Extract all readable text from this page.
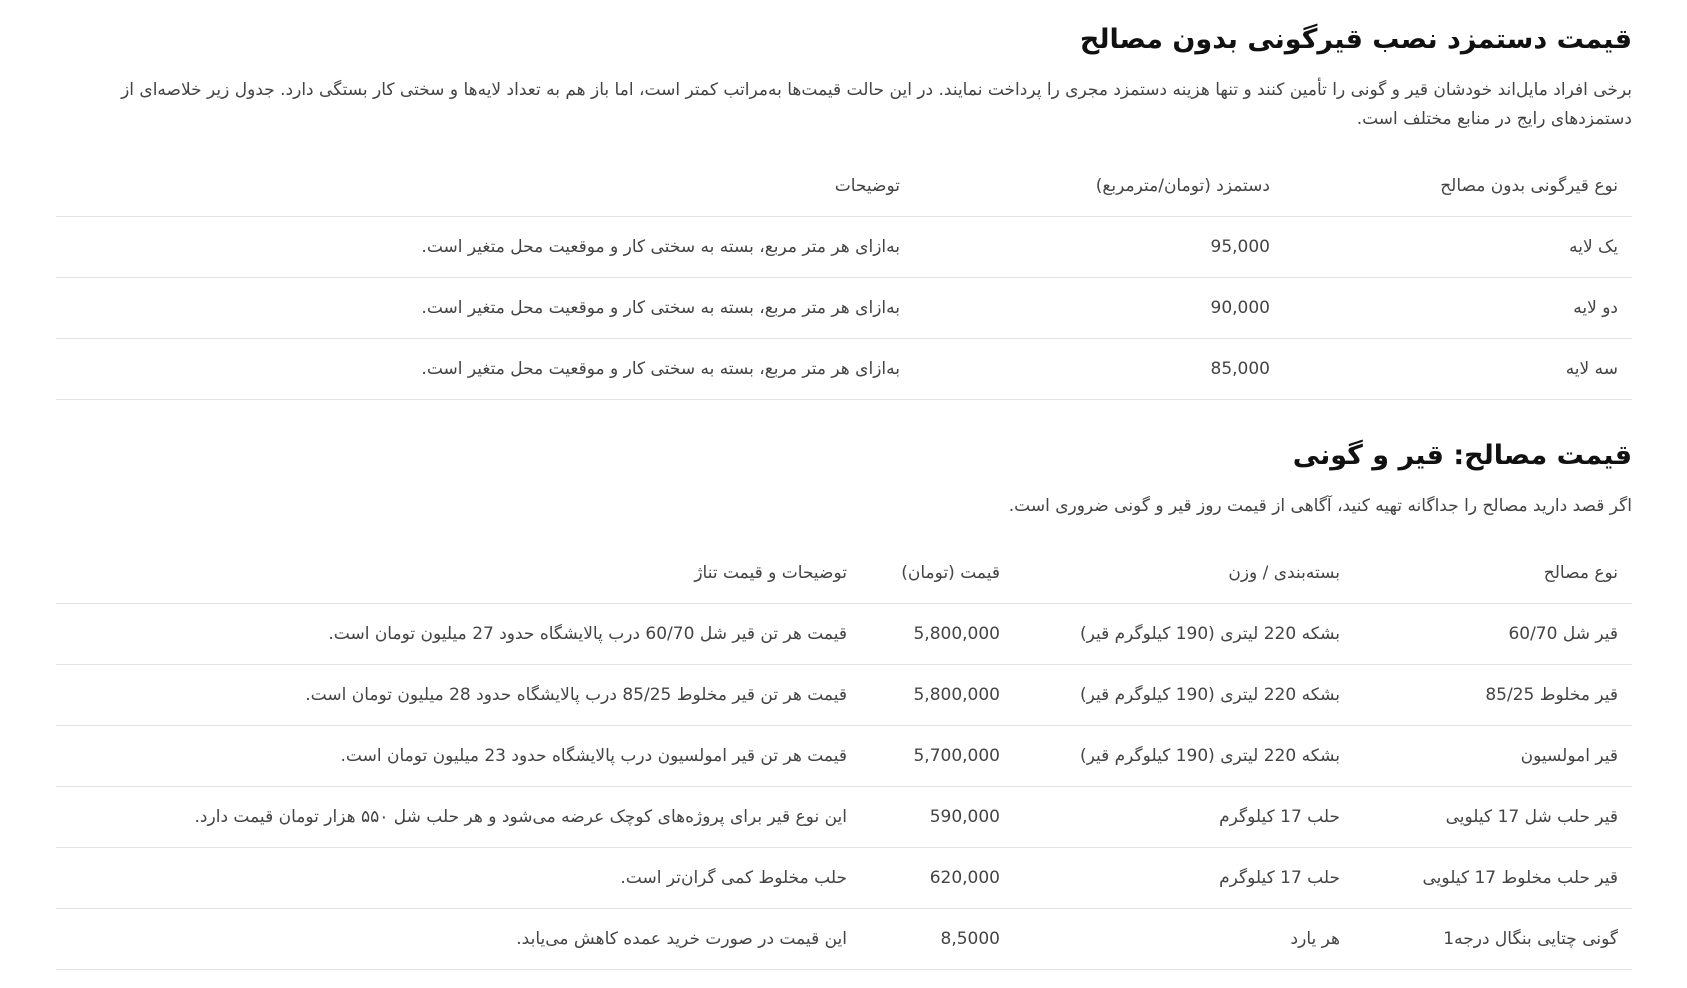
قیمت دستمزد نصب قیرگونی بدون مصالح

برخی افراد مایل‌اند خودشان قیر و گونی را تأمین کنند و تنها هزینه دستمزد مجری را پرداخت نمایند. در این حالت قیمت‌ها به‌مراتب کمتر است، اما باز هم به تعداد لایه‌ها و سختی کار بستگی دارد. جدول زیر خلاصه‌ای از دستمزدهای رایج در منابع مختلف است.

نوع قیرگونی بدون مصالح	دستمزد (تومان/مترمربع)	توضیحات
یک لایه	95,000	به‌ازای هر متر مربع، بسته به سختی کار و موقعیت محل متغیر است.
دو لایه	90,000	به‌ازای هر متر مربع، بسته به سختی کار و موقعیت محل متغیر است.
سه لایه	85,000	به‌ازای هر متر مربع، بسته به سختی کار و موقعیت محل متغیر است.
قیمت مصالح: قیر و گونی

اگر قصد دارید مصالح را جداگانه تهیه کنید، آگاهی از قیمت روز قیر و گونی ضروری است.

نوع مصالح	بسته‌بندی / وزن	قیمت (تومان)	توضیحات و قیمت تناژ
قیر شل 60/70	بشکه 220 لیتری (190 کیلوگرم قیر)	5,800,000	قیمت هر تن قیر شل 60/70 درب پالایشگاه حدود 27 میلیون تومان است.
قیر مخلوط 85/25	بشکه 220 لیتری (190 کیلوگرم قیر)	5,800,000	قیمت هر تن قیر مخلوط 85/25 درب پالایشگاه حدود 28 میلیون تومان است.
قیر امولسیون	بشکه 220 لیتری (190 کیلوگرم قیر)	5,700,000	قیمت هر تن قیر امولسیون درب پالایشگاه حدود 23 میلیون تومان است.
قیر حلب شل 17 کیلویی	حلب 17 کیلوگرم	590,000	این نوع قیر برای پروژه‌های کوچک عرضه می‌شود و هر حلب شل ۵۵۰ هزار تومان قیمت دارد.
قیر حلب مخلوط 17 کیلویی	حلب 17 کیلوگرم	620,000	حلب مخلوط کمی گران‌تر است.
گونی چتایی بنگال درجه1	هر یارد	8,5000	این قیمت در صورت خرید عمده کاهش می‌یابد.
